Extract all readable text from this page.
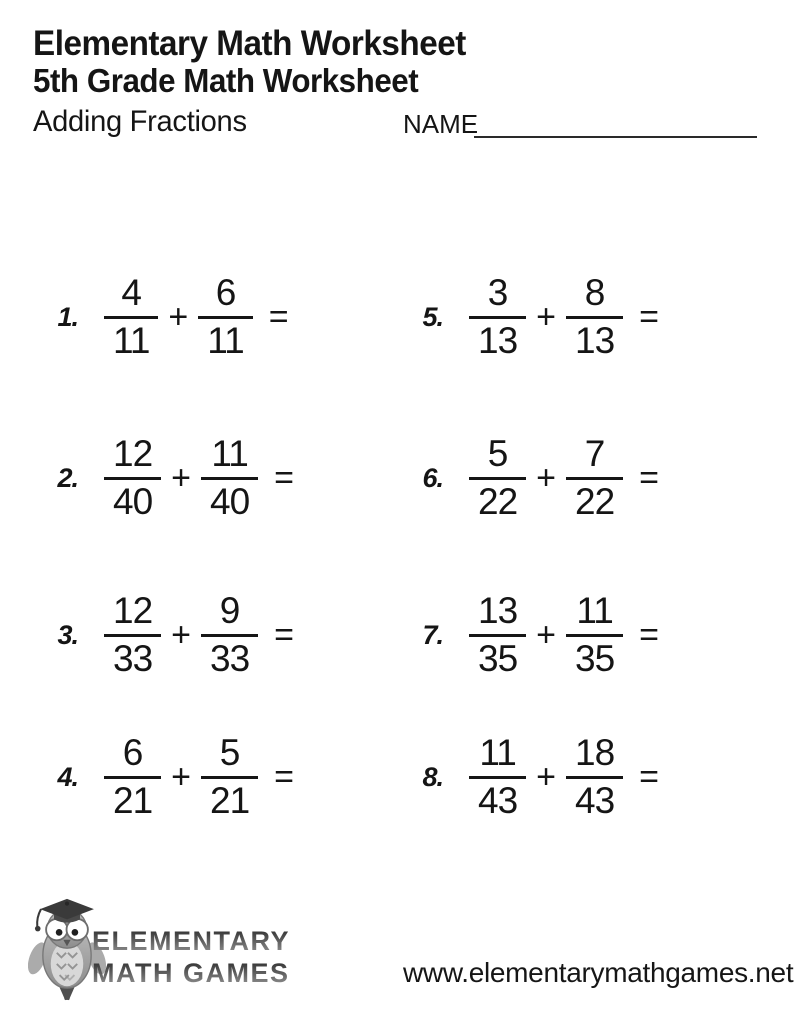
Elementary Math Worksheet
5th Grade Math Worksheet
Adding Fractions	NAME
1. $\frac{4}{11} + \frac{6}{11}$ =
2. $\frac{12}{40} + \frac{11}{40}$ =
3. $\frac{12}{33} + \frac{9}{33}$ =
4. $\frac{6}{21} + \frac{5}{21}$ =
5. $\frac{3}{13} + \frac{8}{13}$ =
6. $\frac{5}{22} + \frac{7}{22}$ =
7. $\frac{13}{35} + \frac{11}{35}$ =
8. $\frac{11}{43} + \frac{18}{43}$ =
ELEMENTARY
MATH GAMES	www.elementarymathgames.net
